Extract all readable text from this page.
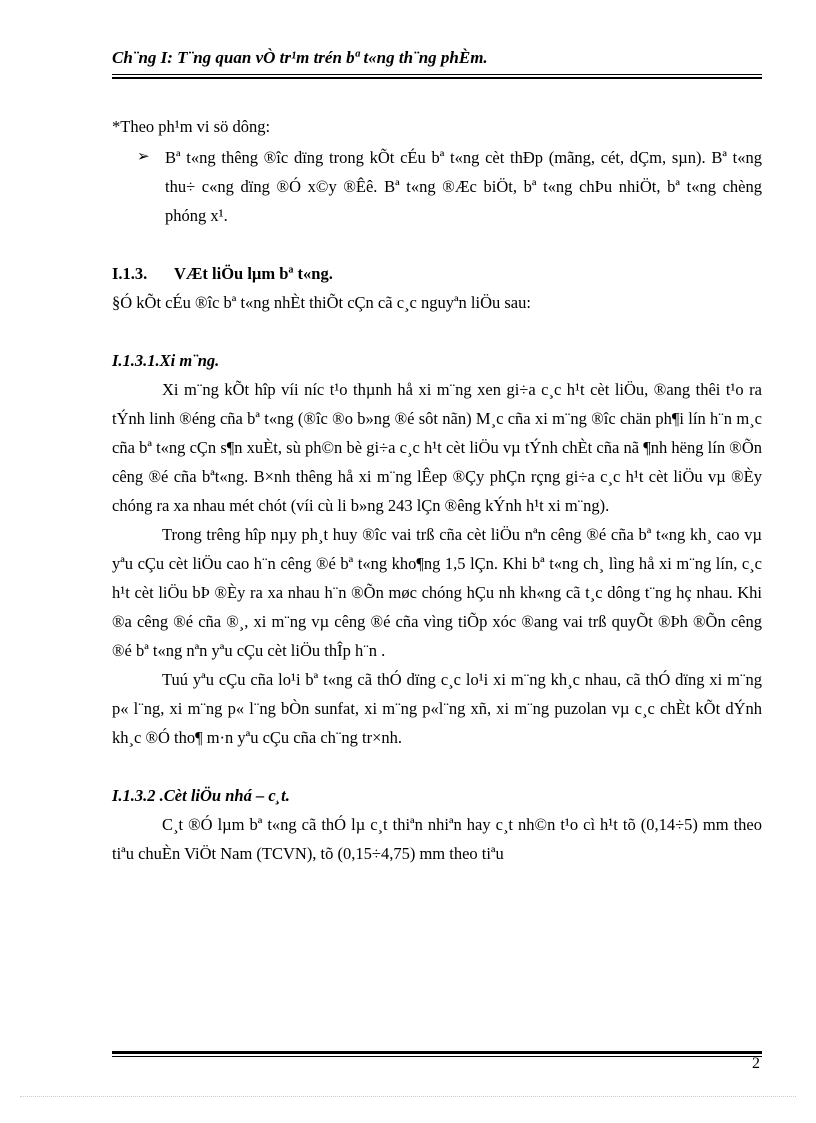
Ch¨ng I: T¨ng quan vÒ tr¹m trén bª t«ng th¨ng phÈm.

*Theo ph¹m vi sö dông:

➢ Bª t«ng thêng ®îc dïng trong kÕt cÉu bª t«ng cèt thÐp (mãng, cét, dÇm, sµn). Bª t«ng thu÷ c«ng dïng ®Ó x©y ®Êê. Bª t«ng ®Æc biÖt, bª t«ng chÞu nhiÖt, bª t«ng chèng phóng x¹.

I.1.3. VÆt liÖu lµm bª t«ng.

§Ó kÕt cÉu ®îc bª t«ng nhÈt thiÕt cÇn cã c¸c nguyªn liÖu sau:

I.1.3.1.Xi m¨ng.

Xi m¨ng kÕt hîp víi níc t¹o thµnh hå xi m¨ng xen gi÷a c¸c h¹t cèt liÖu, ®ang thêi t¹o ra tÝnh linh ®éng cña bª t«ng (®îc ®o b»ng ®é sôt nãn) M¸c cña xi m¨ng ®îc chän ph¶i lín h¨n m¸c cña bª t«ng cÇn s¶n xuÈt, sù ph©n bè gi÷a c¸c h¹t cèt liÖu vµ tÝnh chÈt cña nã ¶nh hëng lín ®Õn cêng ®é cña bªt«ng. B×nh thêng hå xi m¨ng lÊep ®Çy phÇn rçng gi÷a c¸c h¹t cèt liÖu vµ ®Èy chóng ra xa nhau mét chót (víi cù li b»ng 243 lÇn ®êng kÝnh h¹t xi m¨ng).

Trong trêng hîp nµy ph¸t huy ®îc vai trß cña cèt liÖu nªn cêng ®é cña bª t«ng kh¸ cao vµ yªu cÇu cèt liÖu cao h¨n cêng ®é bª t«ng kho¶ng 1,5 lÇn. Khi bª t«ng ch¸ lìng hå xi m¨ng lín, c¸c h¹t cèt liÖu bÞ ®Èy ra xa nhau h¨n ®Õn møc chóng hÇu nh kh«ng cã t¸c dông t¨ng hç nhau. Khi ®a cêng ®é cña ®¸, xi m¨ng vµ cêng ®é cña vìng tiÕp xóc ®ang vai trß quyÕt ®Þh ®Õn cêng ®é bª t«ng nªn yªu cÇu cèt liÖu thÎp h¨n .

Tuú yªu cÇu cña lo¹i bª t«ng cã thÓ dïng c¸c lo¹i xi m¨ng kh¸c nhau, cã thÓ dïng xi m¨ng p« l¨ng, xi m¨ng p« l¨ng bÒn sunfat, xi m¨ng p«l¨ng xñ, xi m¨ng puzolan vµ c¸c chÈt kÕt dÝnh kh¸c ®Ó tho¶ m·n yªu cÇu cña ch¨ng tr×nh.

I.1.3.2 .Cèt liÖu nhá – c¸t.

C¸t ®Ó lµm bª t«ng cã thÓ lµ c¸t thiªn nhiªn hay c¸t nh©n t¹o cì h¹t tõ (0,14÷5) mm theo tiªu chuÈn ViÖt Nam (TCVN), tõ (0,15÷4,75) mm theo tiªu

2
